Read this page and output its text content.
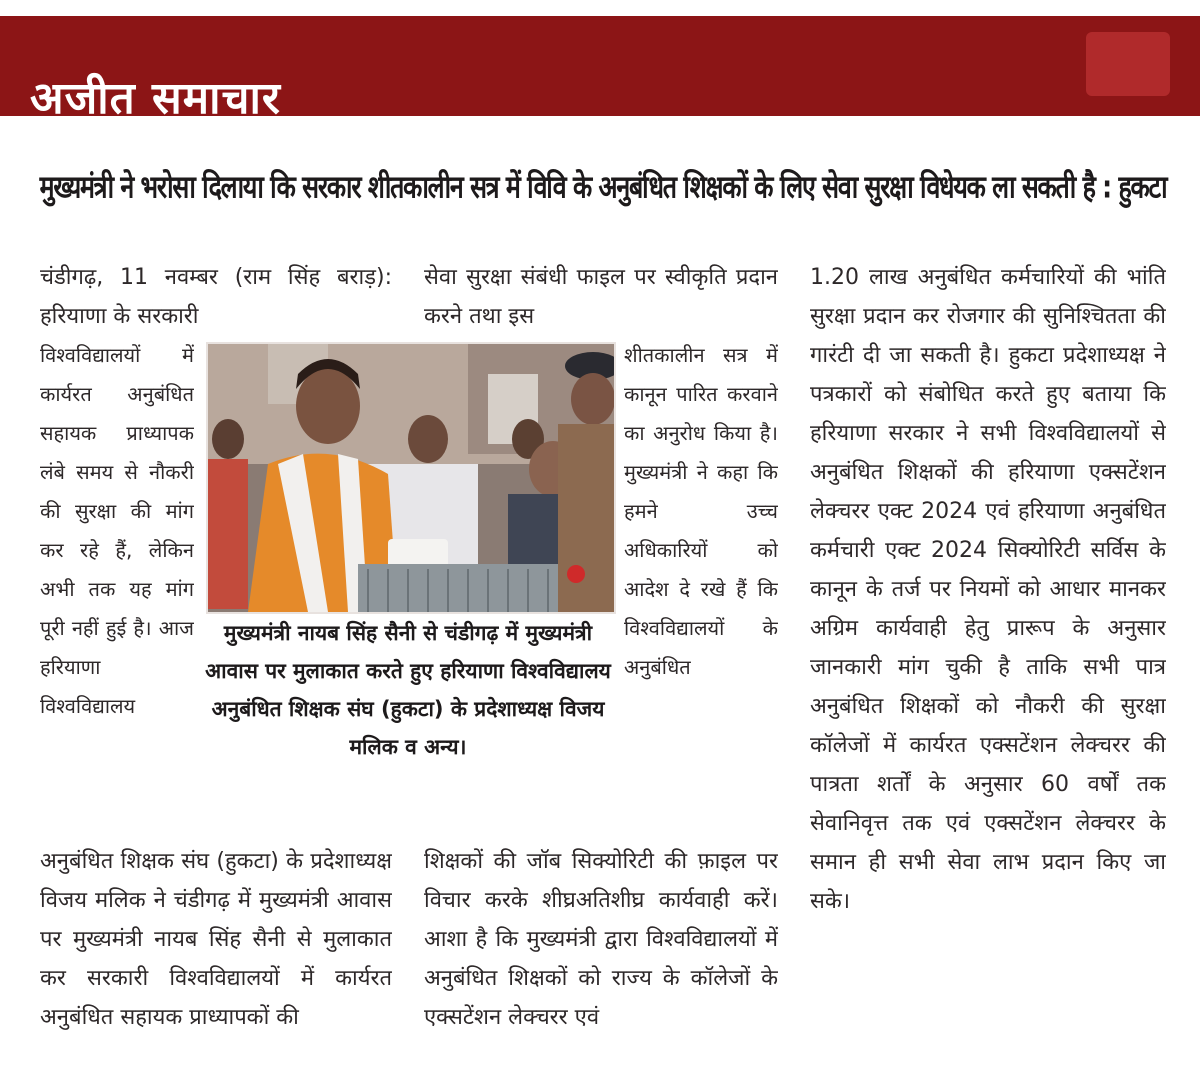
अजीत समाचार
मुख्यमंत्री ने भरोसा दिलाया कि सरकार शीतकालीन सत्र में विवि के अनुबंधित शिक्षकों के लिए सेवा सुरक्षा विधेयक ला सकती है : हुकटा
चंडीगढ़, 11 नवम्बर (राम सिंह बराड़): हरियाणा के सरकारी
विश्वविद्यालयों में कार्यरत अनुबंधित सहायक प्राध्यापक लंबे समय से नौकरी की सुरक्षा की मांग कर रहे हैं, लेकिन अभी तक यह मांग पूरी नहीं हुई है। आज हरियाणा विश्वविद्यालय
अनुबंधित शिक्षक संघ (हुकटा) के प्रदेशाध्यक्ष विजय मलिक ने चंडीगढ़ में मुख्यमंत्री आवास पर मुख्यमंत्री नायब सिंह सैनी से मुलाकात कर सरकारी विश्वविद्यालयों में कार्यरत अनुबंधित सहायक प्राध्यापकों की
सेवा सुरक्षा संबंधी फाइल पर स्वीकृति प्रदान करने तथा इस
शीतकालीन सत्र में कानून पारित करवाने का अनुरोध किया है। मुख्यमंत्री ने कहा कि हमने उच्च अधिकारियों को आदेश दे रखे हैं कि विश्वविद्यालयों के अनुबंधित
शिक्षकों की जॉब सिक्योरिटी की फ़ाइल पर विचार करके शीघ्रअतिशीघ्र कार्यवाही करें। आशा है कि मुख्यमंत्री द्वारा विश्वविद्यालयों में अनुबंधित शिक्षकों को राज्य के कॉलेजों के एक्सटेंशन लेक्चरर एवं
1.20 लाख अनुबंधित कर्मचारियों की भांति सुरक्षा प्रदान कर रोजगार की सुनिश्चितता की गारंटी दी जा सकती है। हुकटा प्रदेशाध्यक्ष ने पत्रकारों को संबोधित करते हुए बताया कि हरियाणा सरकार ने सभी विश्वविद्यालयों से अनुबंधित शिक्षकों की हरियाणा एक्सटेंशन लेक्चरर एक्ट 2024 एवं हरियाणा अनुबंधित कर्मचारी एक्ट 2024 सिक्योरिटी सर्विस के कानून के तर्ज पर नियमों को आधार मानकर अग्रिम कार्यवाही हेतु प्रारूप के अनुसार जानकारी मांग चुकी है ताकि सभी पात्र अनुबंधित शिक्षकों को नौकरी की सुरक्षा कॉलेजों में कार्यरत एक्सटेंशन लेक्चरर की पात्रता शर्तों के अनुसार 60 वर्षों तक सेवानिवृत्त तक एवं एक्सटेंशन लेक्चरर के समान ही सभी सेवा लाभ प्रदान किए जा सके।
मुख्यमंत्री नायब सिंह सैनी से चंडीगढ़ में मुख्यमंत्री आवास पर मुलाकात करते हुए हरियाणा विश्वविद्यालय अनुबंधित शिक्षक संघ (हुकटा) के प्रदेशाध्यक्ष विजय मलिक व अन्य।
